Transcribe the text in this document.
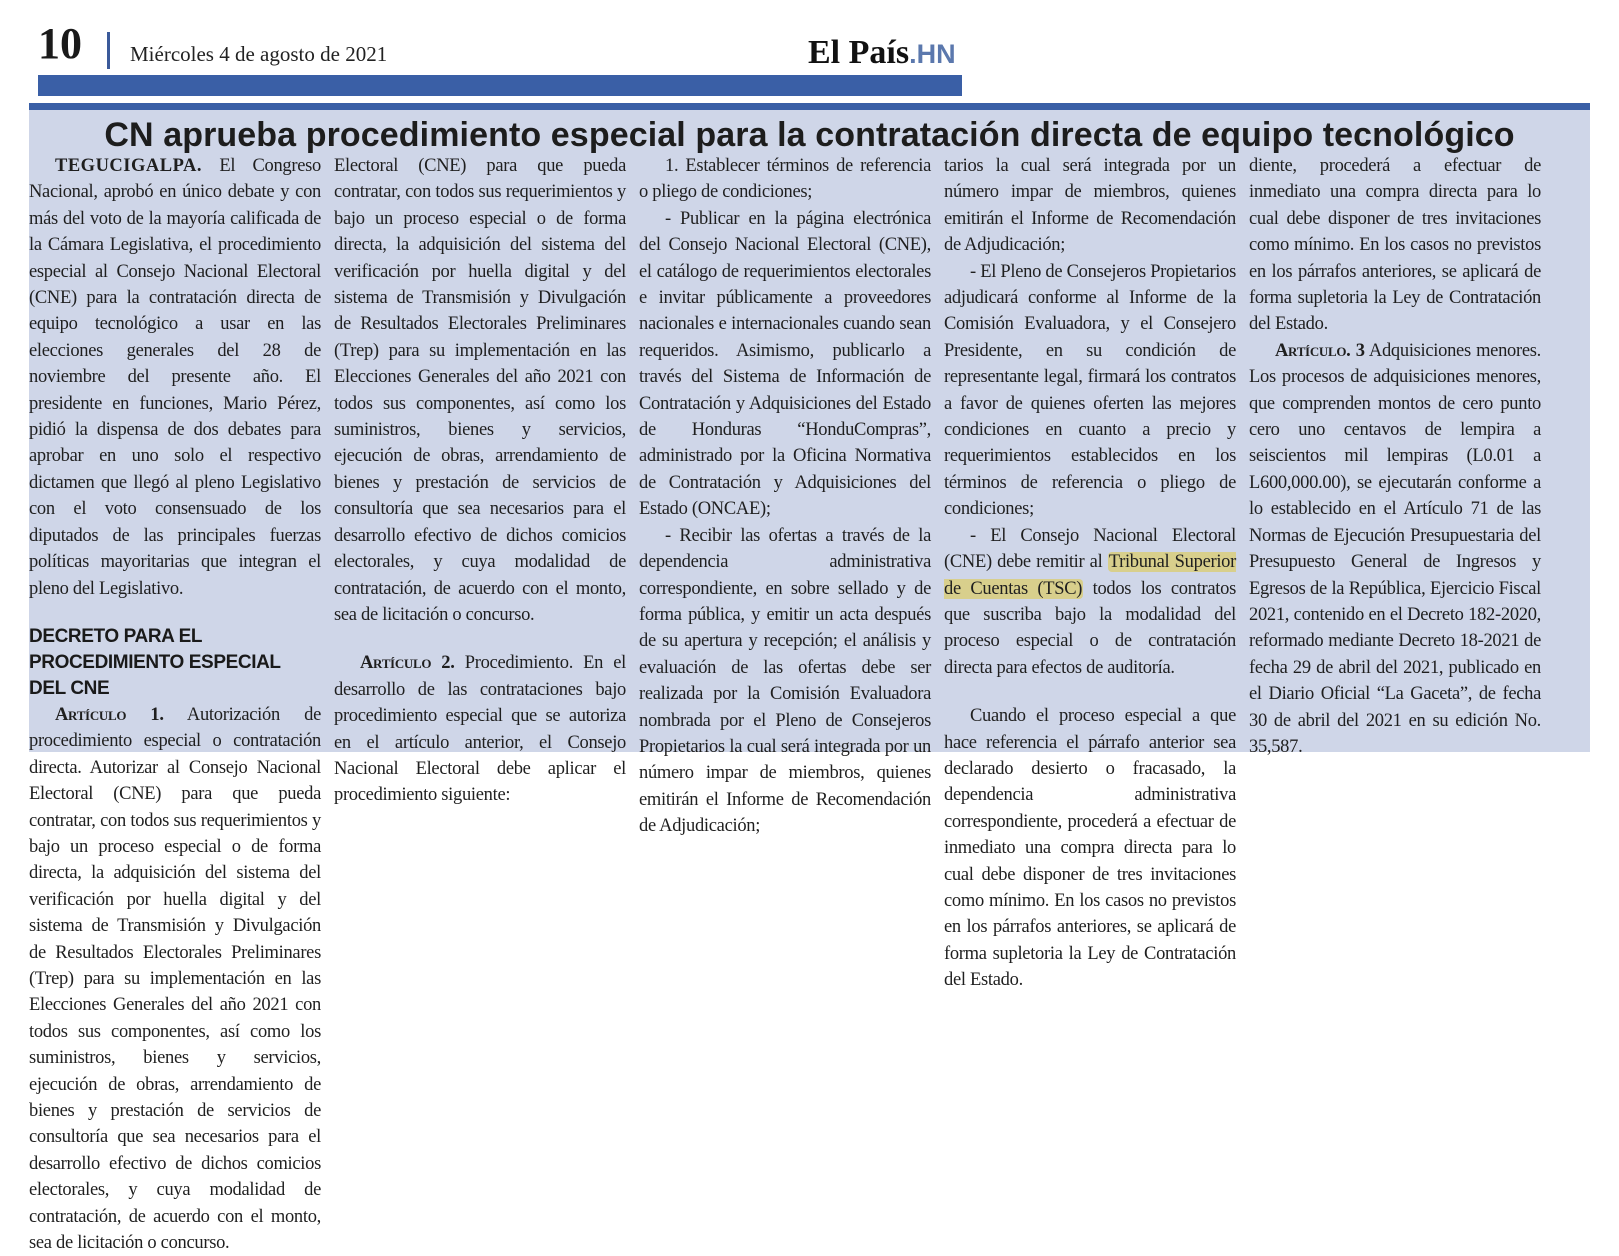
10 Miércoles 4 de agosto de 2021	El País.HN
CN aprueba procedimiento especial para la contratación directa de equipo tecnológico

TEGUCIGALPA. El Congreso Nacional, aprobó en único debate y con más del voto de la mayoría calificada de la Cámara Legislativa, el procedimiento especial al Consejo Nacional Electoral (CNE) para la contratación directa de equipo tecnológico a usar en las elecciones generales del 28 de noviembre del presente año. El presidente en funciones, Mario Pérez, pidió la dispensa de dos debates para aprobar en uno solo el respectivo dictamen que llegó al pleno Legislativo con el voto consensuado de los diputados de las principales fuerzas políticas mayoritarias que integran el pleno del Legislativo.

DECRETO PARA EL PROCEDIMIENTO ESPECIAL DEL CNE

Artículo 1. Autorización de procedimiento especial o contratación directa. Autorizar al Consejo Nacional Electoral (CNE) para que pueda contratar, con todos sus requerimientos y bajo un proceso especial o de forma directa, la adquisición del sistema del verificación por huella digital y del sistema de Transmisión y Divulgación de Resultados Electorales Preliminares (Trep) para su implementación en las Elecciones Generales del año 2021 con todos sus componentes, así como los suministros, bienes y servicios, ejecución de obras, arrendamiento de bienes y prestación de servicios de consultoría que sea necesarios para el desarrollo efectivo de dichos comicios electorales, y cuya modalidad de contratación, de acuerdo con el monto, sea de licitación o concurso.

Electoral (CNE) para que pueda contratar, con todos sus requerimientos y bajo un proceso especial o de forma directa, la adquisición del sistema del verificación por huella digital y del sistema de Transmisión y Divulgación de Resultados Electorales Preliminares (Trep) para su implementación en las Elecciones Generales del año 2021 con todos sus componentes, así como los suministros, bienes y servicios, ejecución de obras, arrendamiento de bienes y prestación de servicios de consultoría que sea necesarios para el desarrollo efectivo de dichos comicios electorales, y cuya modalidad de contratación, de acuerdo con el monto, sea de licitación o concurso.

Artículo 2. Procedimiento. En el desarrollo de las contrataciones bajo procedimiento especial que se autoriza en el artículo anterior, el Consejo Nacional Electoral debe aplicar el procedimiento siguiente:

1. Establecer términos de referencia o pliego de condiciones;

- Publicar en la página electrónica del Consejo Nacional Electoral (CNE), el catálogo de requerimientos electorales e invitar públicamente a proveedores nacionales e internacionales cuando sean requeridos. Asimismo, publicarlo a través del Sistema de Información de Contratación y Adquisiciones del Estado de Honduras “HonduCompras”, administrado por la Oficina Normativa de Contratación y Adquisiciones del Estado (ONCAE);

- Recibir las ofertas a través de la dependencia administrativa correspondiente, en sobre sellado y de forma pública, y emitir un acta después de su apertura y recepción; el análisis y evaluación de las ofertas debe ser realizada por la Comisión Evaluadora nombrada por el Pleno de Consejeros Propietarios la cual será integrada por un número impar de miembros, quienes emitirán el Informe de Recomendación de Adjudicación;

tarios la cual será integrada por un número impar de miembros, quienes emitirán el Informe de Recomendación de Adjudicación;

- El Pleno de Consejeros Propietarios adjudicará conforme al Informe de la Comisión Evaluadora, y el Consejero Presidente, en su condición de representante legal, firmará los contratos a favor de quienes oferten las mejores condiciones en cuanto a precio y requerimientos establecidos en los términos de referencia o pliego de condiciones;

- El Consejo Nacional Electoral (CNE) debe remitir al Tribunal Superior de Cuentas (TSC) todos los contratos que suscriba bajo la modalidad del proceso especial o de contratación directa para efectos de auditoría.

Cuando el proceso especial a que hace referencia el párrafo anterior sea declarado desierto o fracasado, la dependencia administrativa correspondiente, procederá a efectuar de inmediato una compra directa para lo cual debe disponer de tres invitaciones como mínimo. En los casos no previstos en los párrafos anteriores, se aplicará de forma supletoria la Ley de Contratación del Estado.

diente, procederá a efectuar de inmediato una compra directa para lo cual debe disponer de tres invitaciones como mínimo. En los casos no previstos en los párrafos anteriores, se aplicará de forma supletoria la Ley de Contratación del Estado.

Artículo. 3 Adquisiciones menores. Los procesos de adquisiciones menores, que comprenden montos de cero punto cero uno centavos de lempira a seiscientos mil lempiras (L0.01 a L600,000.00), se ejecutarán conforme a lo establecido en el Artículo 71 de las Normas de Ejecución Presupuestaria del Presupuesto General de Ingresos y Egresos de la República, Ejercicio Fiscal 2021, contenido en el Decreto 182-2020, reformado mediante Decreto 18-2021 de fecha 29 de abril del 2021, publicado en el Diario Oficial “La Gaceta”, de fecha 30 de abril del 2021 en su edición No. 35,587.
